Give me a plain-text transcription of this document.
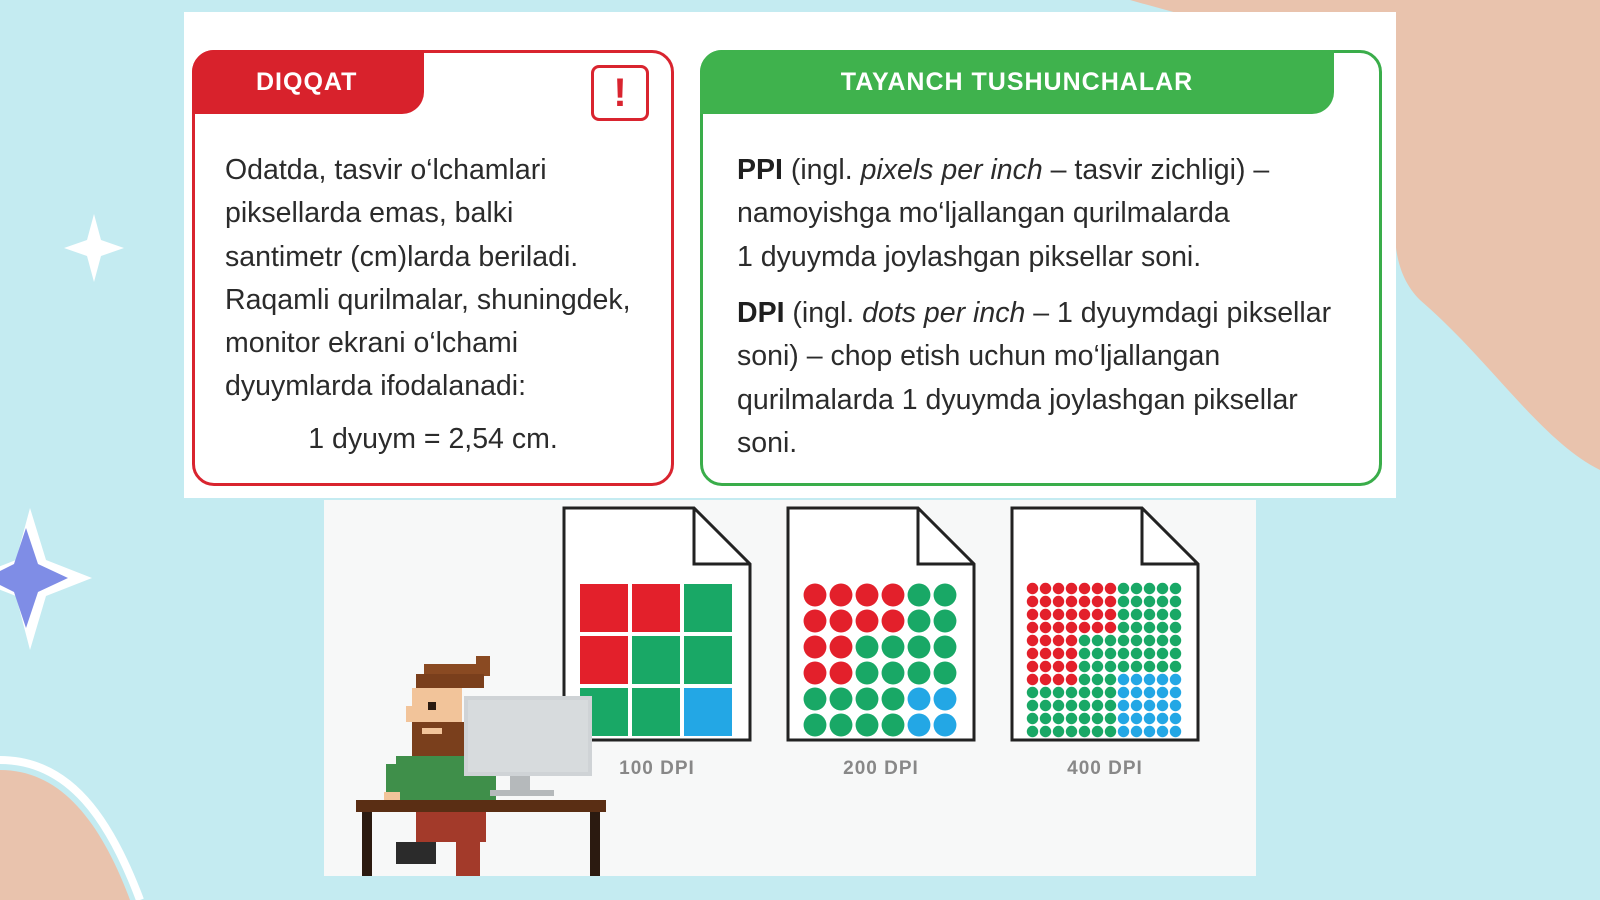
DIQQAT	!
Odatda, tasvir o‘lchamlari
piksellarda emas, balki
santimetr (cm)larda beriladi.
Raqamli qurilmalar, shuningdek,
monitor ekrani o‘lchami
dyuymlarda ifodalanadi:
1 dyuym = 2,54 cm.
TAYANCH TUSHUNCHALAR
PPI (ingl. pixels per inch – tasvir zichligi) –
namoyishga mo‘ljallangan qurilmalarda
1 dyuymda joylashgan piksellar soni.
DPI (ingl. dots per inch – 1 dyuymdagi piksellar
soni) – chop etish uchun mo‘ljallangan
qurilmalarda 1 dyuymda joylashgan piksellar
soni.
100 DPI	200 DPI	400 DPI
